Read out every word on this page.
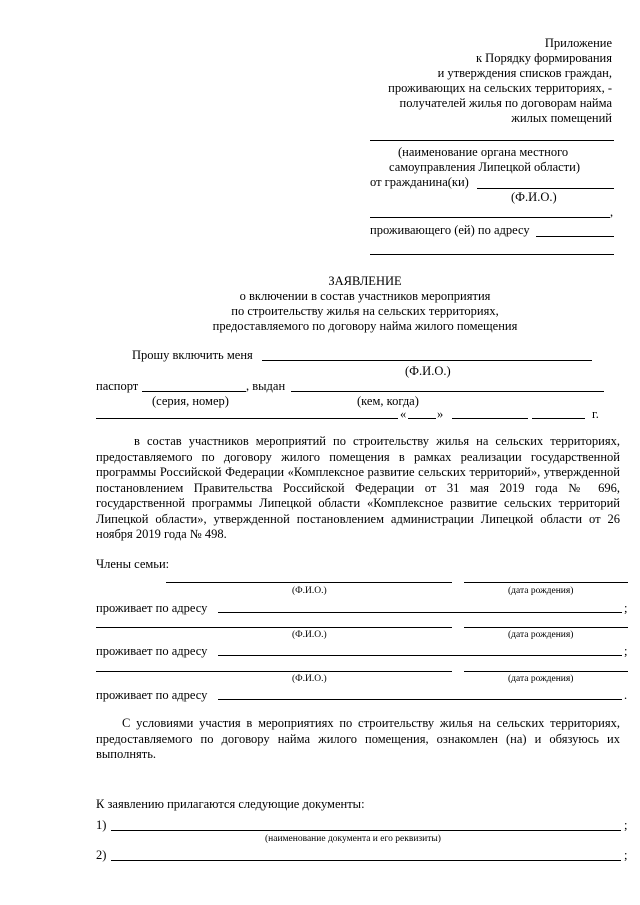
Приложение
к Порядку формирования
и утверждения списков граждан,
проживающих на сельских территориях, -
получателей жилья по договорам найма
жилых помещений
(наименование органа местного
самоуправления Липецкой области)
от гражданина(ки)
(Ф.И.О.)
,
проживающего (ей) по адресу
ЗАЯВЛЕНИЕ
о включении в состав участников мероприятия
по строительству жилья на сельских территориях,
предоставляемого по договору найма жилого помещения
Прошу включить меня
(Ф.И.О.)
паспорт	, выдан
(серия, номер)	(кем, когда)
« »	г.
в состав участников мероприятий по строительству жилья на сельских территориях, предоставляемого по договору жилого помещения в рамках реализации государственной программы Российской Федерации «Комплексное развитие сельских территорий», утвержденной постановлением Правительства Российской Федерации от 31 мая 2019 года № 696, государственной программы Липецкой области «Комплексное развитие сельских территорий Липецкой области», утвержденной постановлением администрации Липецкой области от 26 ноября 2019 года № 498.
Члены семьи:
(Ф.И.О.)	(дата рождения)
проживает по адресу	;
(Ф.И.О.)	(дата рождения)
проживает по адресу	;
(Ф.И.О.)	(дата рождения)
проживает по адресу	.
С условиями участия в мероприятиях по строительству жилья на сельских территориях, предоставляемого по договору найма жилого помещения, ознакомлен (на) и обязуюсь их выполнять.
К заявлению прилагаются следующие документы:
1)	;
(наименование документа и его реквизиты)
2)	;
